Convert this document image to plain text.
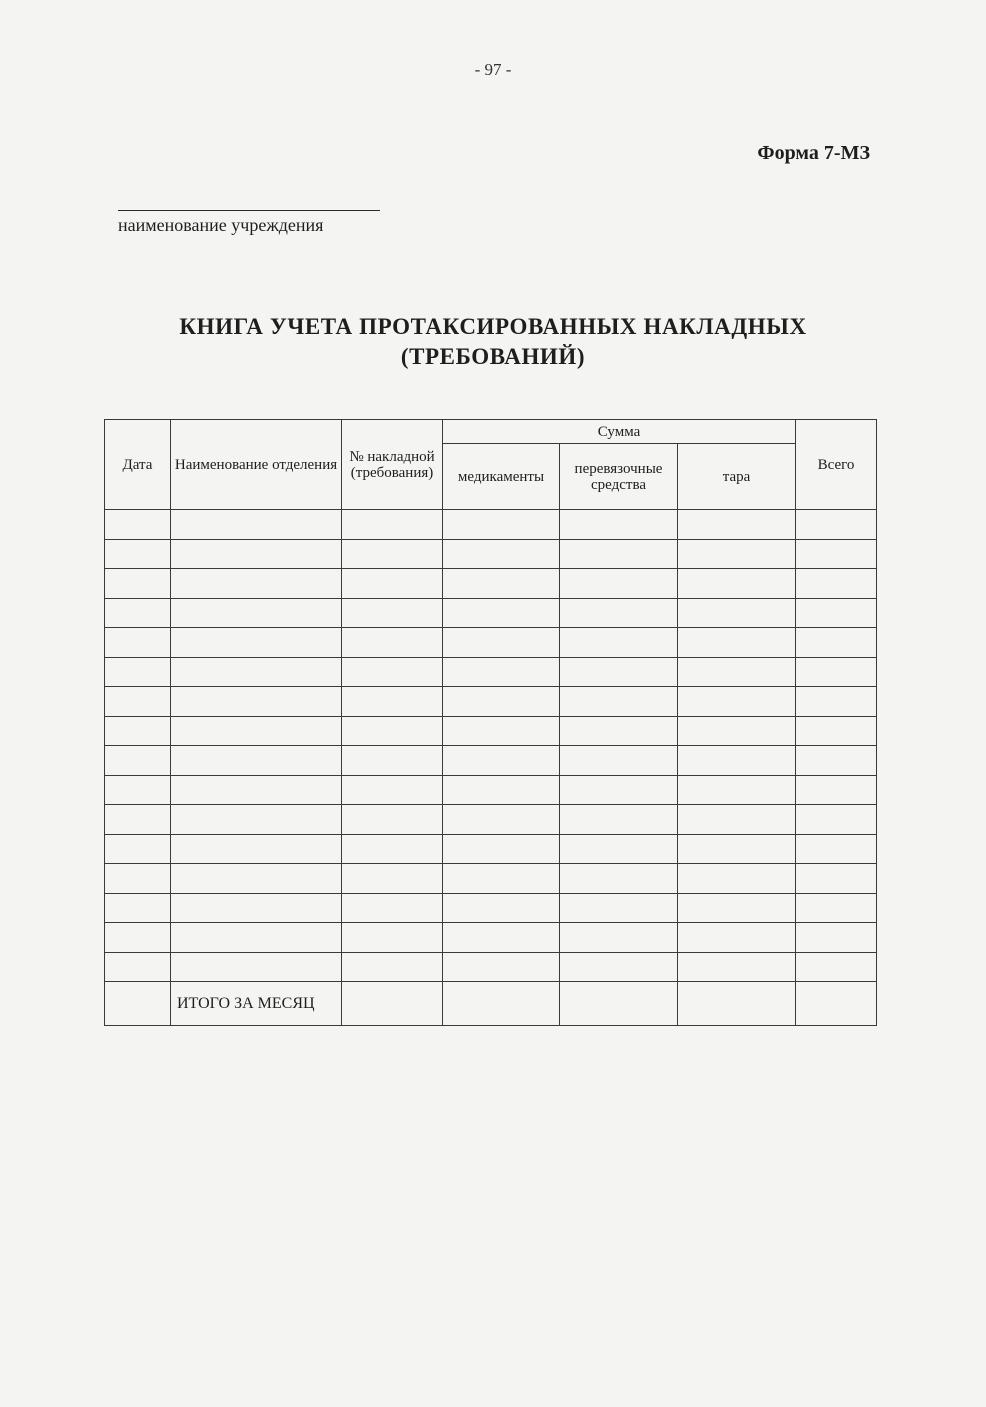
- 97 -
Форма 7-МЗ
наименование учреждения
КНИГА УЧЕТА ПРОТАКСИРОВАННЫХ НАКЛАДНЫХ
(ТРЕБОВАНИЙ)
Дата	Наименование отделения	№ накладной (требования)	Сумма			Всего
			медикаменты	перевязочные средства	тара	

	ИТОГО ЗА МЕСЯЦ					
